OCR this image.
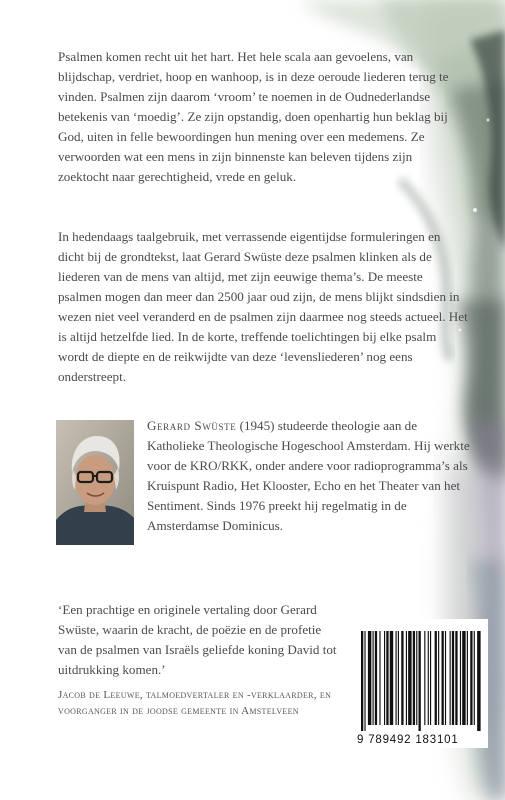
Psalmen komen recht uit het hart. Het hele scala aan gevoelens, van blijdschap, verdriet, hoop en wanhoop, is in deze oeroude liederen terug te vinden. Psalmen zijn daarom ‘vroom’ te noemen in de Oudnederlandse betekenis van ‘moedig’. Ze zijn opstandig, doen openhartig hun beklag bij God, uiten in felle bewoordingen hun mening over een medemens. Ze verwoorden wat een mens in zijn binnenste kan beleven tijdens zijn zoektocht naar gerechtigheid, vrede en geluk.
In hedendaags taalgebruik, met verrassende eigentijdse formuleringen en dicht bij de grondtekst, laat Gerard Swüste deze psalmen klinken als de liederen van de mens van altijd, met zijn eeuwige thema’s. De meeste psalmen mogen dan meer dan 2500 jaar oud zijn, de mens blijkt sindsdien in wezen niet veel veranderd en de psalmen zijn daarmee nog steeds actueel. Het is altijd hetzelfde lied. In de korte, treffende toelichtingen bij elke psalm wordt de diepte en de reikwijdte van deze ‘levensliederen’ nog eens onderstreept.
Gerard Swüste (1945) studeerde theologie aan de Katholieke Theologische Hogeschool Amsterdam. Hij werkte voor de KRO/RKK, onder andere voor radioprogramma’s als Kruispunt Radio, Het Klooster, Echo en het Theater van het Sentiment. Sinds 1976 preekt hij regelmatig in de Amsterdamse Dominicus.
‘Een prachtige en originele vertaling door Gerard Swüste, waarin de kracht, de poëzie en de profetie van de psalmen van Israëls geliefde koning David tot uitdrukking komen.’
Jacob de Leeuwe, talmoedvertaler en -verklaarder, en voorganger in de joodse gemeente in Amstelveen
9 789492 183101
